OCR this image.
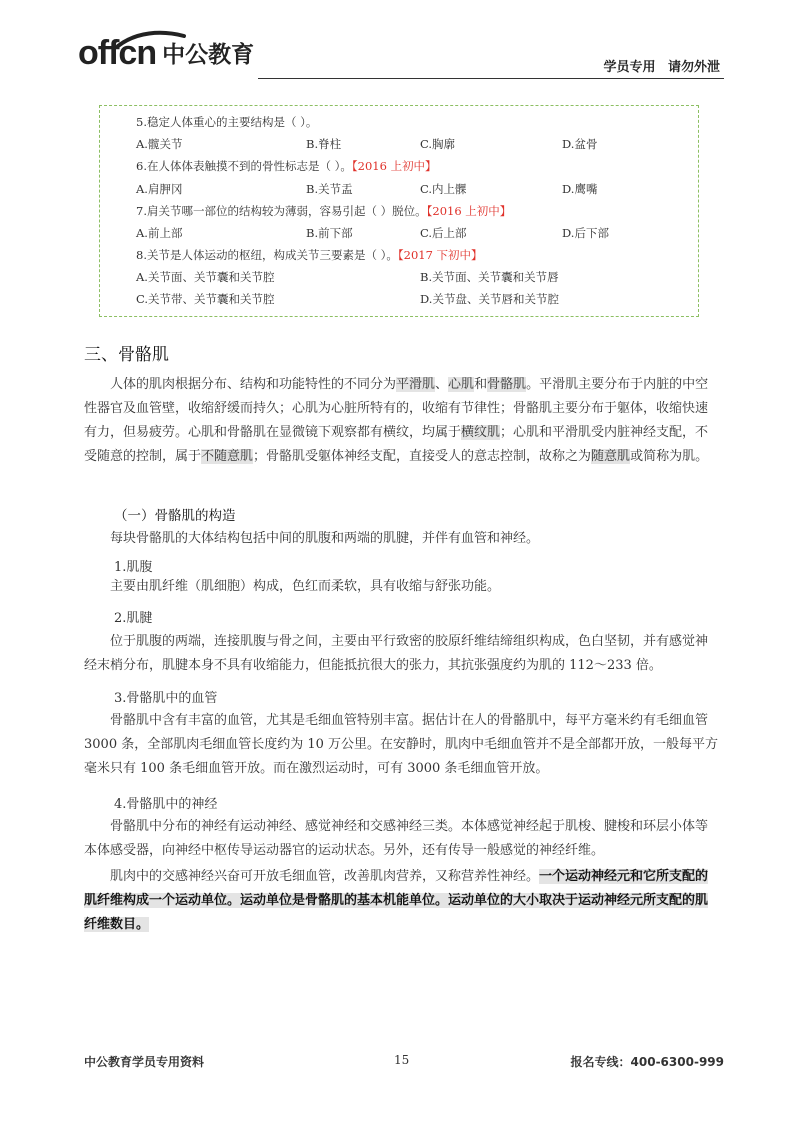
offcn 中公教育	学员专用 请勿外泄
5.稳定人体重心的主要结构是（ ）。
A.髋关节	B.脊柱	C.胸廓	D.盆骨
6.在人体体表触摸不到的骨性标志是（ ）。【2016 上初中】
A.肩胛冈	B.关节盂	C.内上髁	D.鹰嘴
7.肩关节哪一部位的结构较为薄弱，容易引起（ ）脱位。【2016 上初中】
A.前上部	B.前下部	C.后上部	D.后下部
8.关节是人体运动的枢纽，构成关节三要素是（ ）。【2017 下初中】
A.关节面、关节囊和关节腔	B.关节面、关节囊和关节唇
C.关节带、关节囊和关节腔	D.关节盘、关节唇和关节腔
三、骨骼肌
人体的肌肉根据分布、结构和功能特性的不同分为平滑肌、心肌和骨骼肌。平滑肌主要分布于内脏的中空性器官及血管壁，收缩舒缓而持久；心肌为心脏所特有的，收缩有节律性；骨骼肌主要分布于躯体，收缩快速有力，但易疲劳。心肌和骨骼肌在显微镜下观察都有横纹，均属于横纹肌；心肌和平滑肌受内脏神经支配，不受随意的控制，属于不随意肌；骨骼肌受躯体神经支配，直接受人的意志控制，故称之为随意肌或简称为肌。
（一）骨骼肌的构造
每块骨骼肌的大体结构包括中间的肌腹和两端的肌腱，并伴有血管和神经。
1.肌腹
主要由肌纤维（肌细胞）构成，色红而柔软，具有收缩与舒张功能。
2.肌腱
位于肌腹的两端，连接肌腹与骨之间，主要由平行致密的胶原纤维结缔组织构成，色白坚韧，并有感觉神经末梢分布，肌腱本身不具有收缩能力，但能抵抗很大的张力，其抗张强度约为肌的 112～233 倍。
3.骨骼肌中的血管
骨骼肌中含有丰富的血管，尤其是毛细血管特别丰富。据估计在人的骨骼肌中，每平方毫米约有毛细血管 3000 条，全部肌肉毛细血管长度约为 10 万公里。在安静时，肌肉中毛细血管并不是全部都开放，一般每平方毫米只有 100 条毛细血管开放。而在激烈运动时，可有 3000 条毛细血管开放。
4.骨骼肌中的神经
骨骼肌中分布的神经有运动神经、感觉神经和交感神经三类。本体感觉神经起于肌梭、腱梭和环层小体等本体感受器，向神经中枢传导运动器官的运动状态。另外，还有传导一般感觉的神经纤维。
肌肉中的交感神经兴奋可开放毛细血管，改善肌肉营养，又称营养性神经。一个运动神经元和它所支配的肌纤维构成一个运动单位。运动单位是骨骼肌的基本机能单位。运动单位的大小取决于运动神经元所支配的肌纤维数目。
中公教育学员专用资料	15	报名专线：400-6300-999
